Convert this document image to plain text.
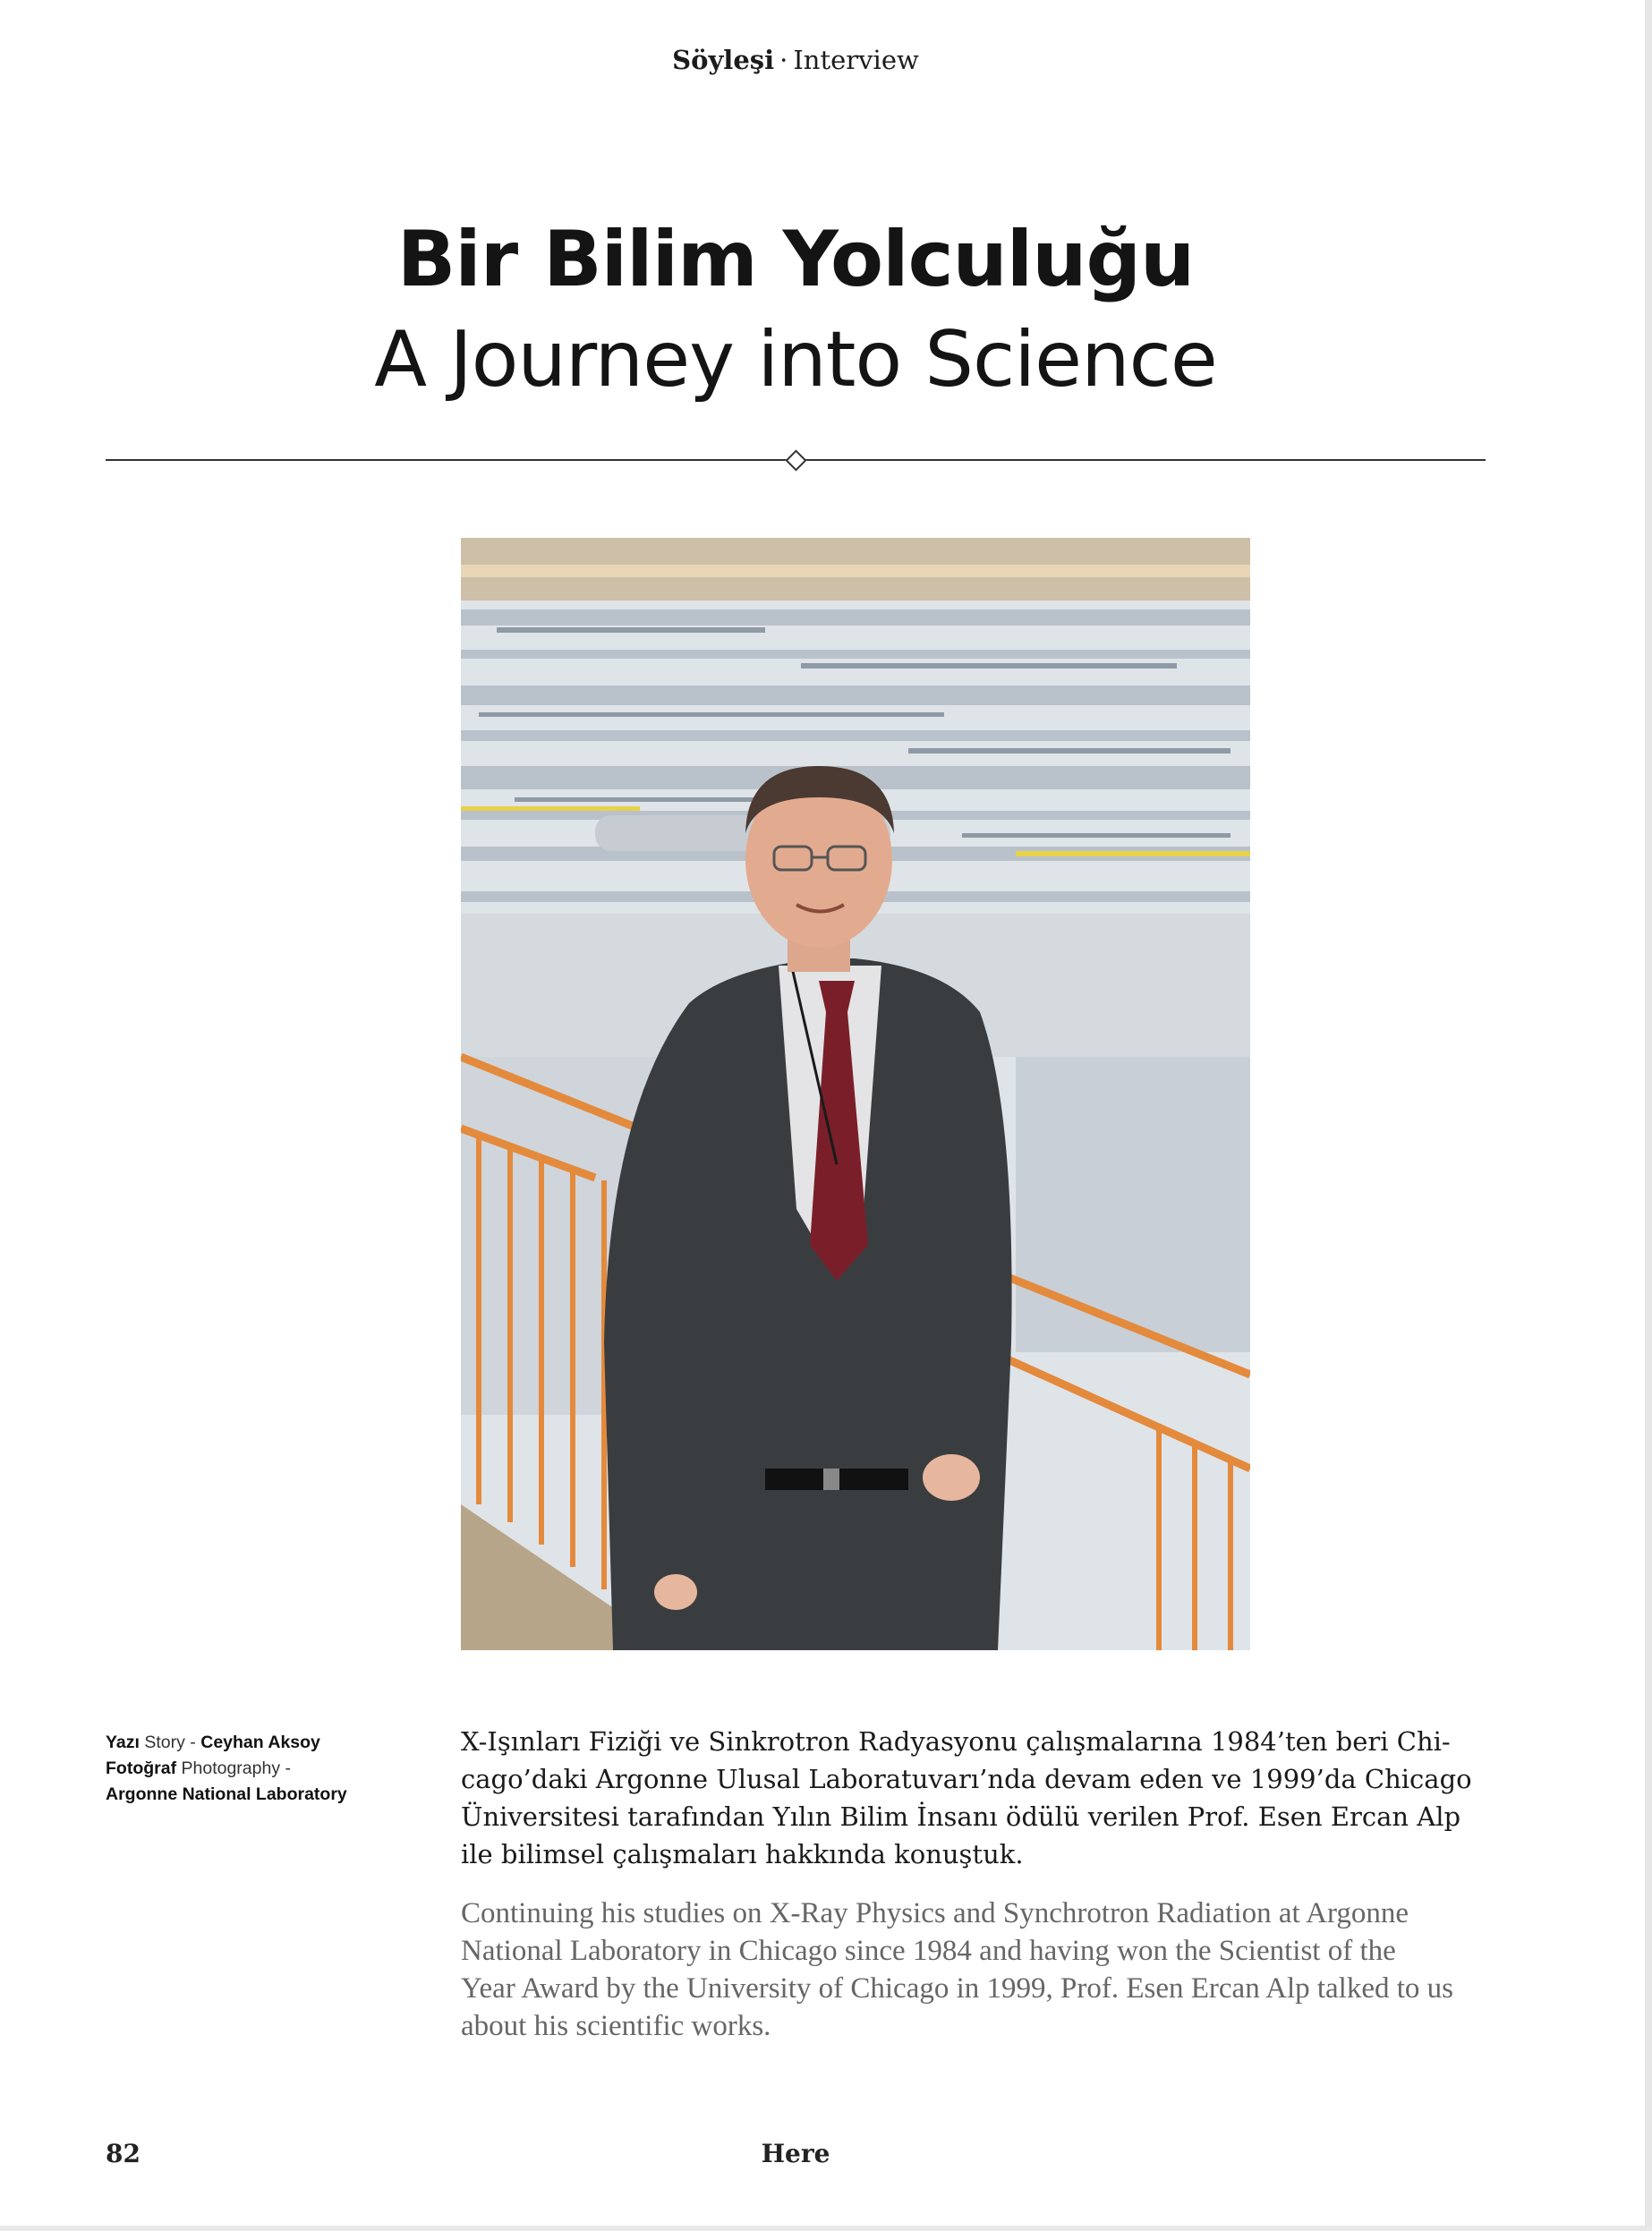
Söyleşi · Interview
Bir Bilim Yolculuğu
A Journey into Science
Yazı Story - Ceyhan Aksoy
Fotoğraf Photography -
Argonne National Laboratory
X-Işınları Fiziği ve Sinkrotron Radyasyonu çalışmalarına 1984’ten beri Chi-
cago’daki Argonne Ulusal Laboratuvarı’nda devam eden ve 1999’da Chicago
Üniversitesi tarafından Yılın Bilim İnsanı ödülü verilen Prof. Esen Ercan Alp
ile bilimsel çalışmaları hakkında konuştuk.
Continuing his studies on X-Ray Physics and Synchrotron Radiation at Argonne
National Laboratory in Chicago since 1984 and having won the Scientist of the
Year Award by the University of Chicago in 1999, Prof. Esen Ercan Alp talked to us
about his scientific works.
82	Here
